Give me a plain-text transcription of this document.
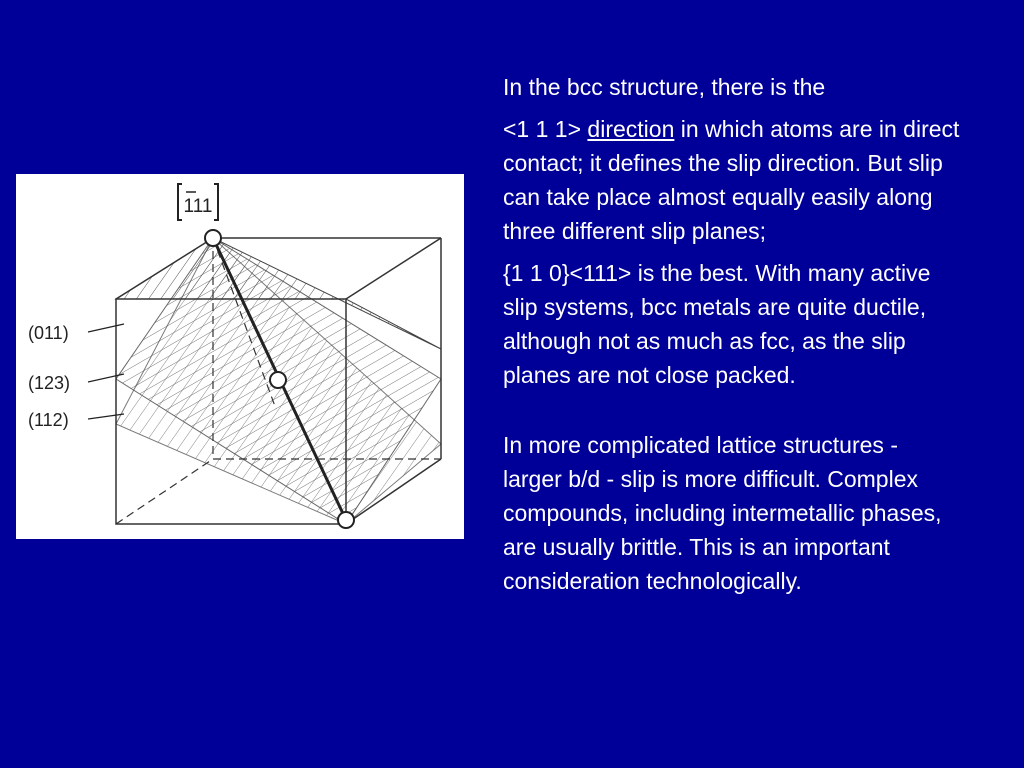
111
(011)
(123)
(112)

In the bcc structure, there is the

<1 1 1> direction in which atoms are in direct contact; it defines the slip direction. But slip can take place almost equally easily along three different slip planes;

{1 1 0}<111> is the best. With many active slip systems, bcc metals are quite ductile, although not as much as fcc, as the slip planes are not close packed.

In more complicated lattice structures - larger b/d - slip is more difficult. Complex compounds, including intermetallic phases, are usually brittle. This is an important consideration technologically.
